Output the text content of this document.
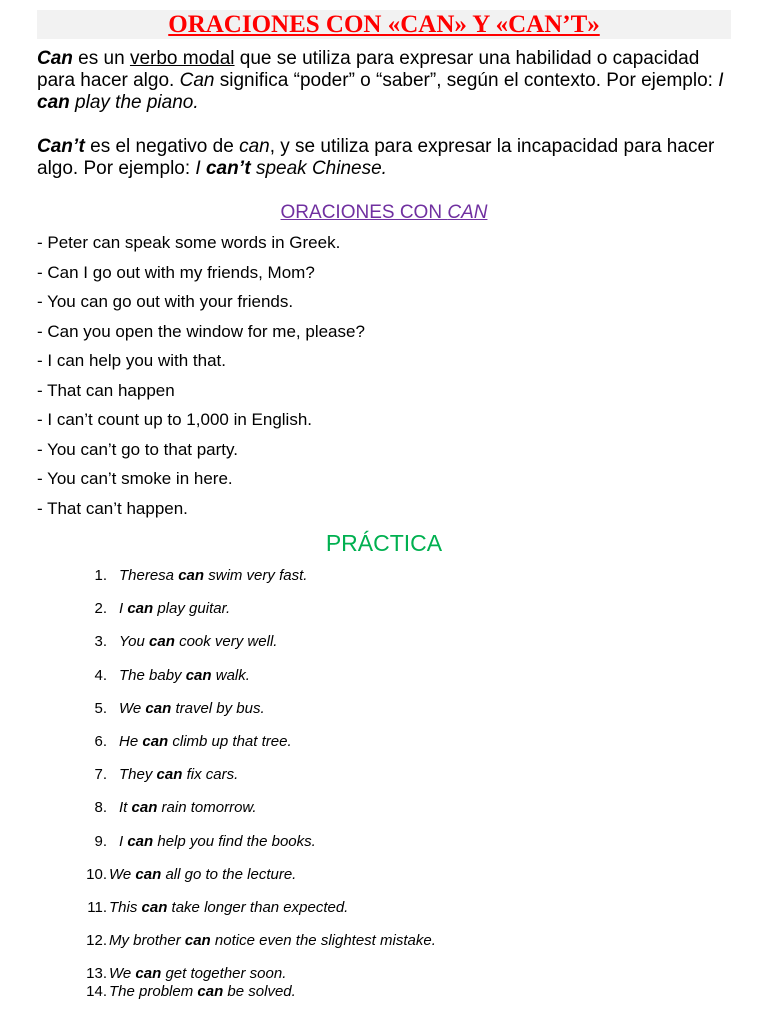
ORACIONES CON «CAN» Y «CAN’T»

Can es un verbo modal que se utiliza para expresar una habilidad o capacidad para hacer algo. Can significa “poder” o “saber”, según el contexto. Por ejemplo: I can play the piano.

Can’t es el negativo de can, y se utiliza para expresar la incapacidad para hacer algo. Por ejemplo: I can’t speak Chinese.

ORACIONES CON CAN
- Peter can speak some words in Greek.
- Can I go out with my friends, Mom?
- You can go out with your friends.
- Can you open the window for me, please?
- I can help you with that.
- That can happen
- I can’t count up to 1,000 in English.
- You can’t go to that party.
- You can’t smoke in here.
- That can’t happen.
PRÁCTICA
1. Theresa can swim very fast.
2. I can play guitar.
3. You can cook very well.
4. The baby can walk.
5. We can travel by bus.
6. He can climb up that tree.
7. They can fix cars.
8. It can rain tomorrow.
9. I can help you find the books.
10. We can all go to the lecture.
11. This can take longer than expected.
12. My brother can notice even the slightest mistake.
13. We can get together soon.
14. The problem can be solved.
